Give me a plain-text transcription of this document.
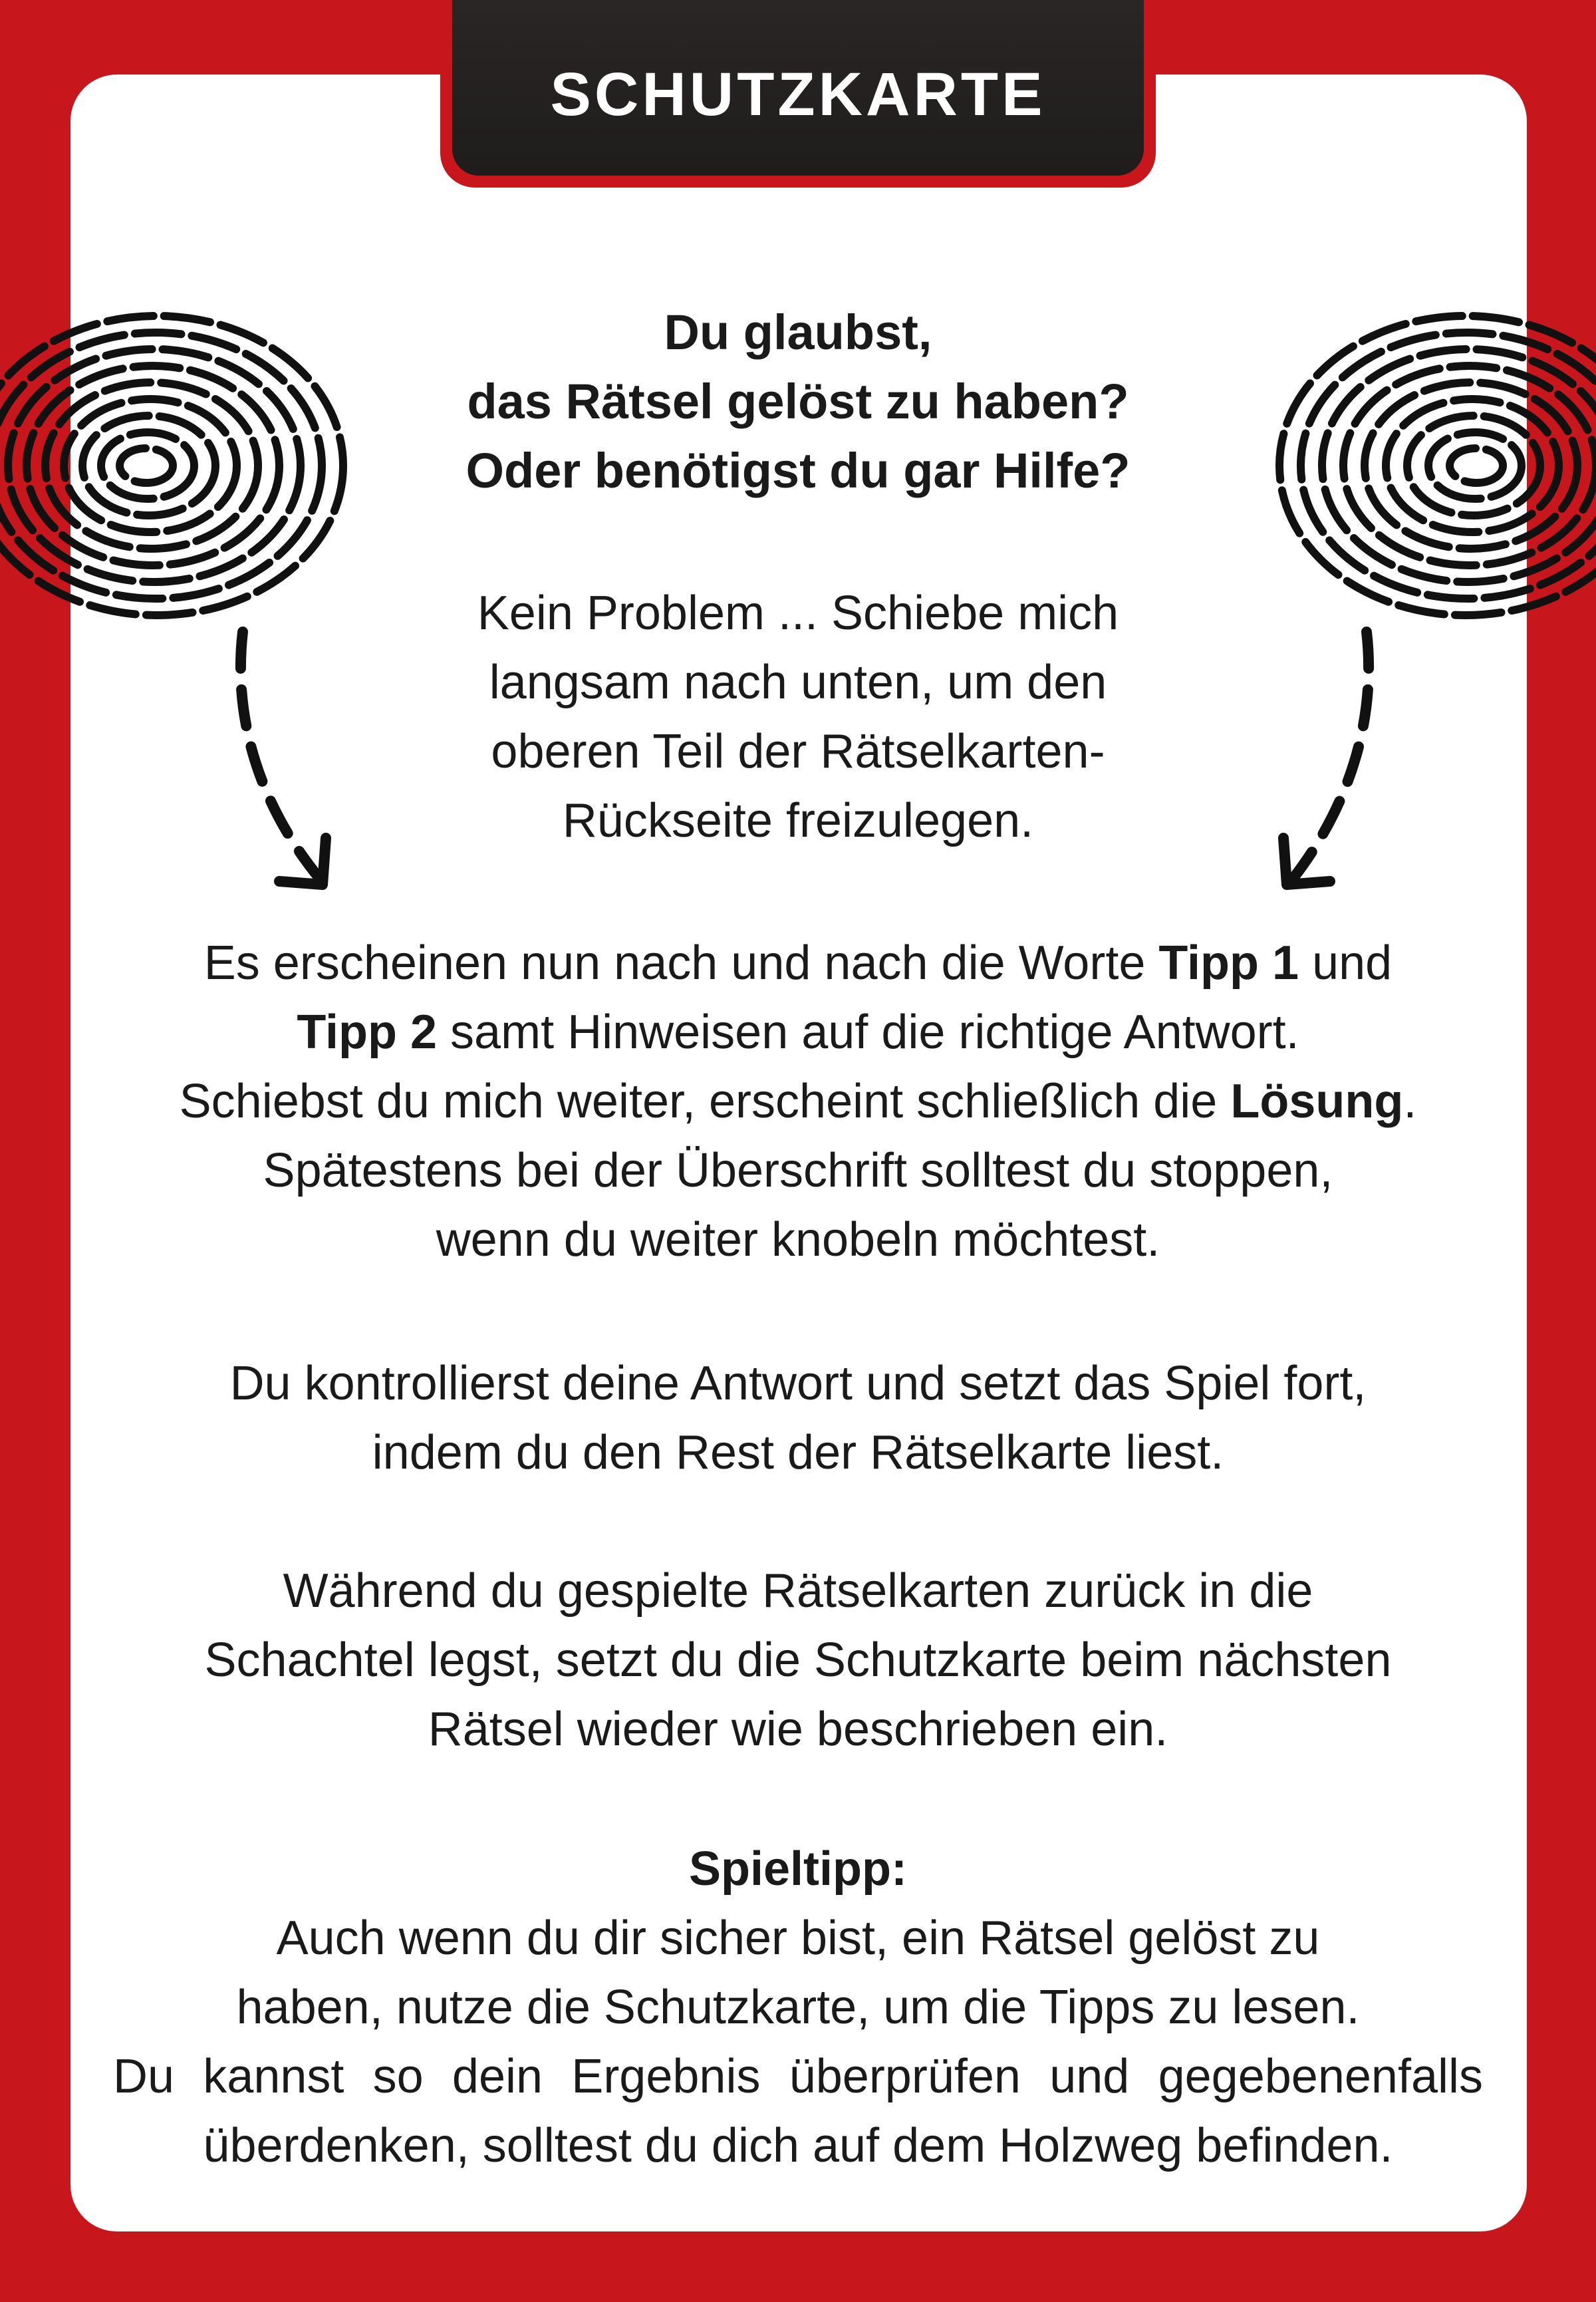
SCHUTZKARTE
Du glaubst,
das Rätsel gelöst zu haben?
Oder benötigst du gar Hilfe?
Kein Problem ... Schiebe mich
langsam nach unten, um den
oberen Teil der Rätselkarten-
Rückseite freizulegen.
Es erscheinen nun nach und nach die Worte Tipp 1 und
Tipp 2 samt Hinweisen auf die richtige Antwort.
Schiebst du mich weiter, erscheint schließlich die Lösung.
Spätestens bei der Überschrift solltest du stoppen,
wenn du weiter knobeln möchtest.
Du kontrollierst deine Antwort und setzt das Spiel fort,
indem du den Rest der Rätselkarte liest.
Während du gespielte Rätselkarten zurück in die
Schachtel legst, setzt du die Schutzkarte beim nächsten
Rätsel wieder wie beschrieben ein.
Spieltipp:
Auch wenn du dir sicher bist, ein Rätsel gelöst zu
haben, nutze die Schutzkarte, um die Tipps zu lesen.
Du kannst so dein Ergebnis überprüfen und gegebenenfalls
überdenken, solltest du dich auf dem Holzweg befinden.
